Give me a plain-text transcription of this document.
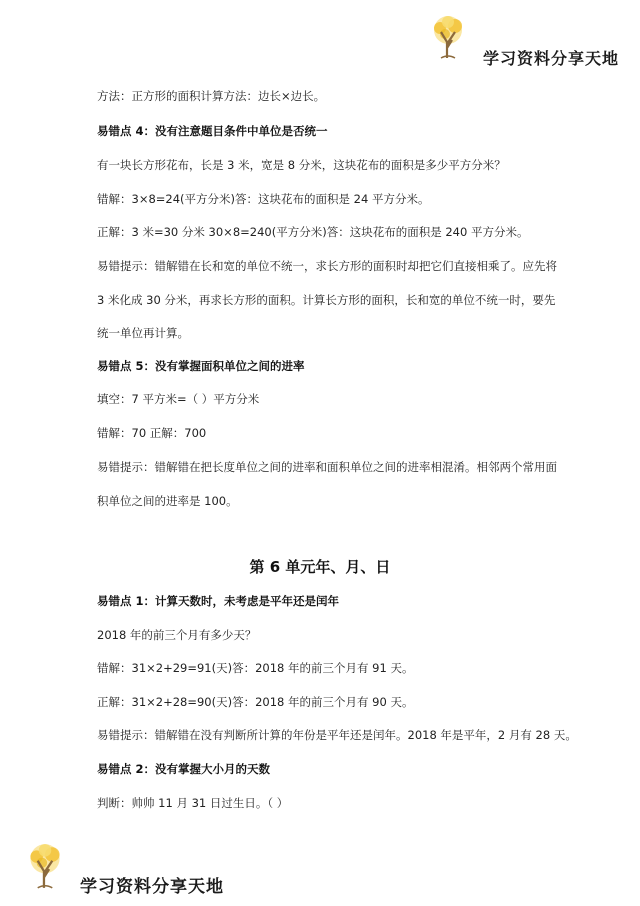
学习资料分享天地
方法：正方形的面积计算方法：边长×边长。
易错点 4：没有注意题目条件中单位是否统一
有一块长方形花布，长是 3 米，宽是 8 分米，这块花布的面积是多少平方分米？
错解：3×8=24(平方分米)答：这块花布的面积是 24 平方分米。
正解：3 米=30 分米 30×8=240(平方分米)答：这块花布的面积是 240 平方分米。
易错提示：错解错在长和宽的单位不统一，求长方形的面积时却把它们直接相乘了。应先将
3 米化成 30 分米，再求长方形的面积。计算长方形的面积，长和宽的单位不统一时，要先
统一单位再计算。
易错点 5：没有掌握面积单位之间的进率
填空：7 平方米=（ ）平方分米
错解：70 正解：700
易错提示：错解错在把长度单位之间的进率和面积单位之间的进率相混淆。相邻两个常用面
积单位之间的进率是 100。
第 6 单元年、月、日
易错点 1：计算天数时，未考虑是平年还是闰年
2018 年的前三个月有多少天？
错解：31×2+29=91(天)答：2018 年的前三个月有 91 天。
正解：31×2+28=90(天)答：2018 年的前三个月有 90 天。
易错提示：错解错在没有判断所计算的年份是平年还是闰年。2018 年是平年，2 月有 28 天。
易错点 2：没有掌握大小月的天数
判断：帅帅 11 月 31 日过生日。（ ）
学习资料分享天地
